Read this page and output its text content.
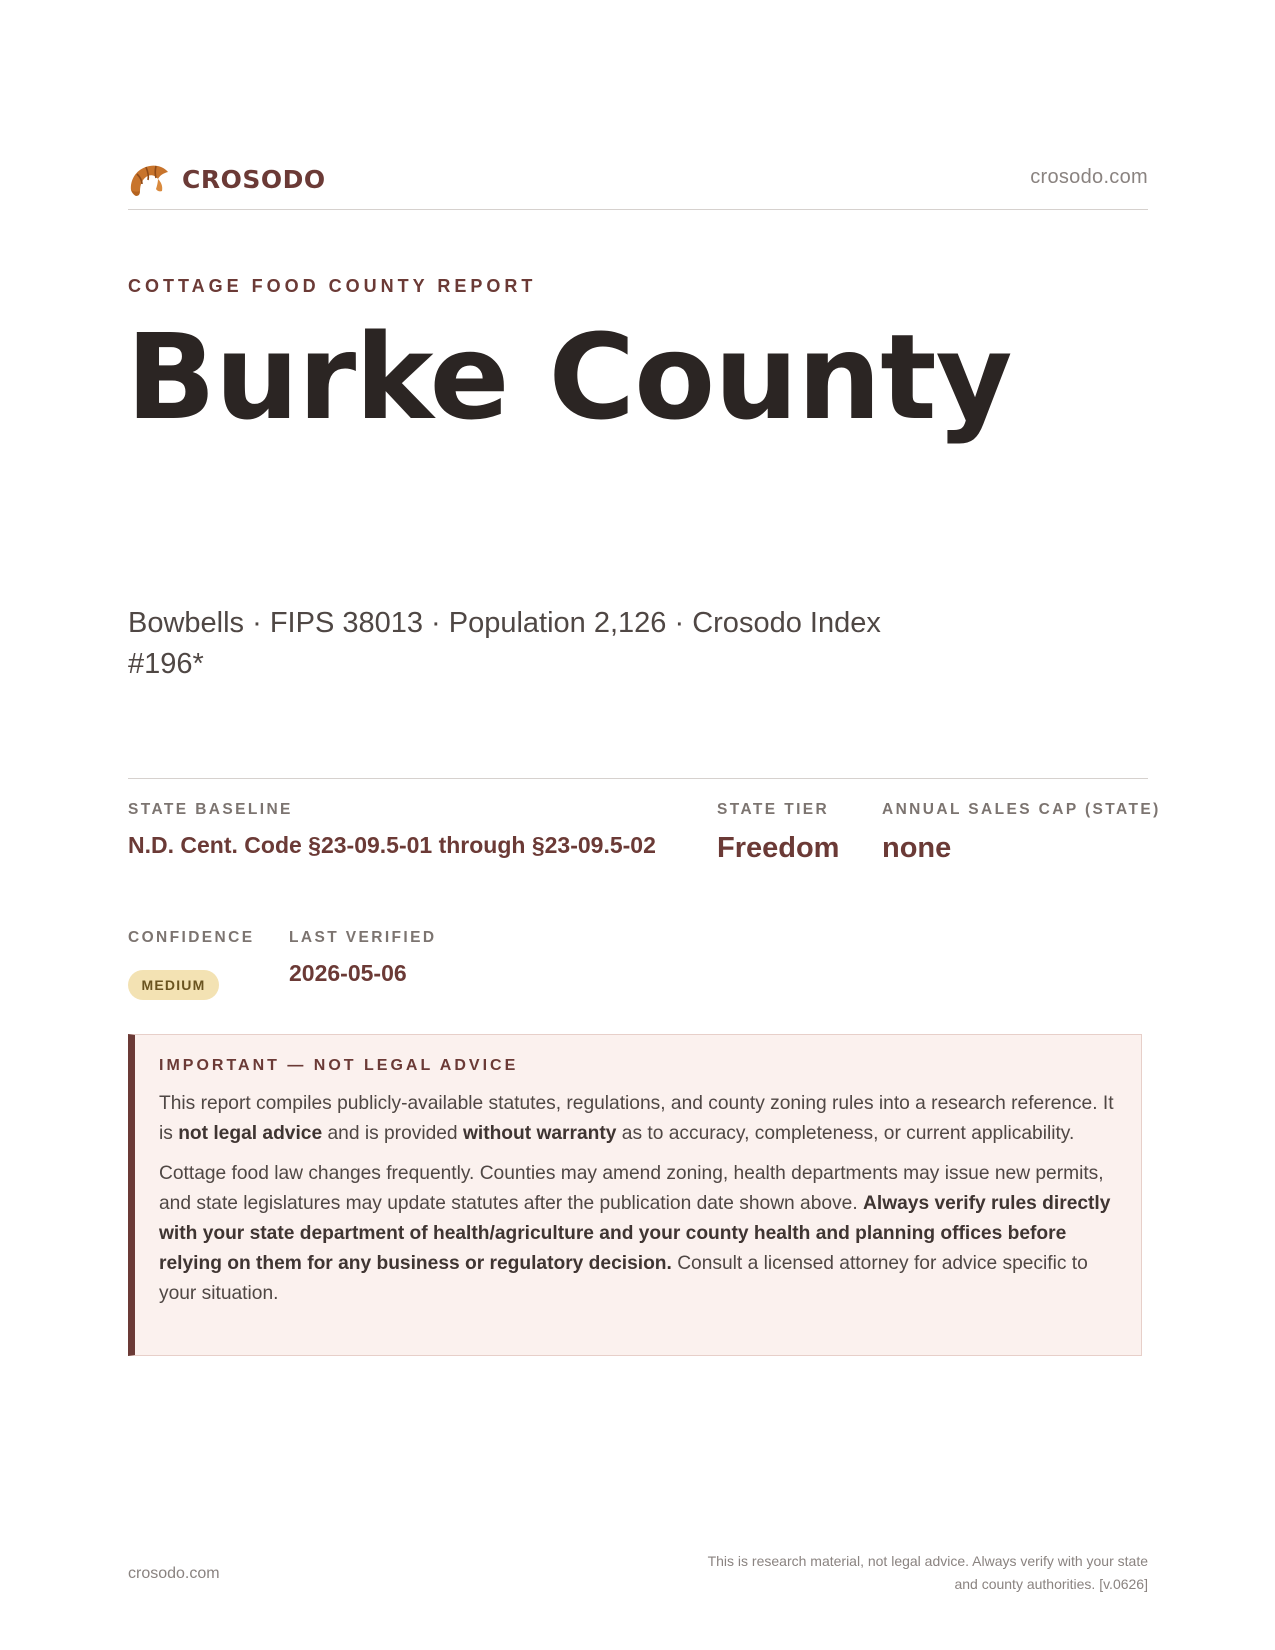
CROSODO	crosodo.com
COTTAGE FOOD COUNTY REPORT
Burke County
Bowbells · FIPS 38013 · Population 2,126 · Crosodo Index #196*
STATE BASELINE
N.D. Cent. Code §23-09.5-01 through §23-09.5-02
STATE TIER
Freedom
ANNUAL SALES CAP (STATE)
none
CONFIDENCE
MEDIUM
LAST VERIFIED
2026-05-06
IMPORTANT — NOT LEGAL ADVICE

This report compiles publicly-available statutes, regulations, and county zoning rules into a research reference. It is not legal advice and is provided without warranty as to accuracy, completeness, or current applicability.

Cottage food law changes frequently. Counties may amend zoning, health departments may issue new permits, and state legislatures may update statutes after the publication date shown above. Always verify rules directly with your state department of health/agriculture and your county health and planning offices before relying on them for any business or regulatory decision. Consult a licensed attorney for advice specific to your situation.

crosodo.com
This is research material, not legal advice. Always verify with your state
and county authorities. [v.0626]
